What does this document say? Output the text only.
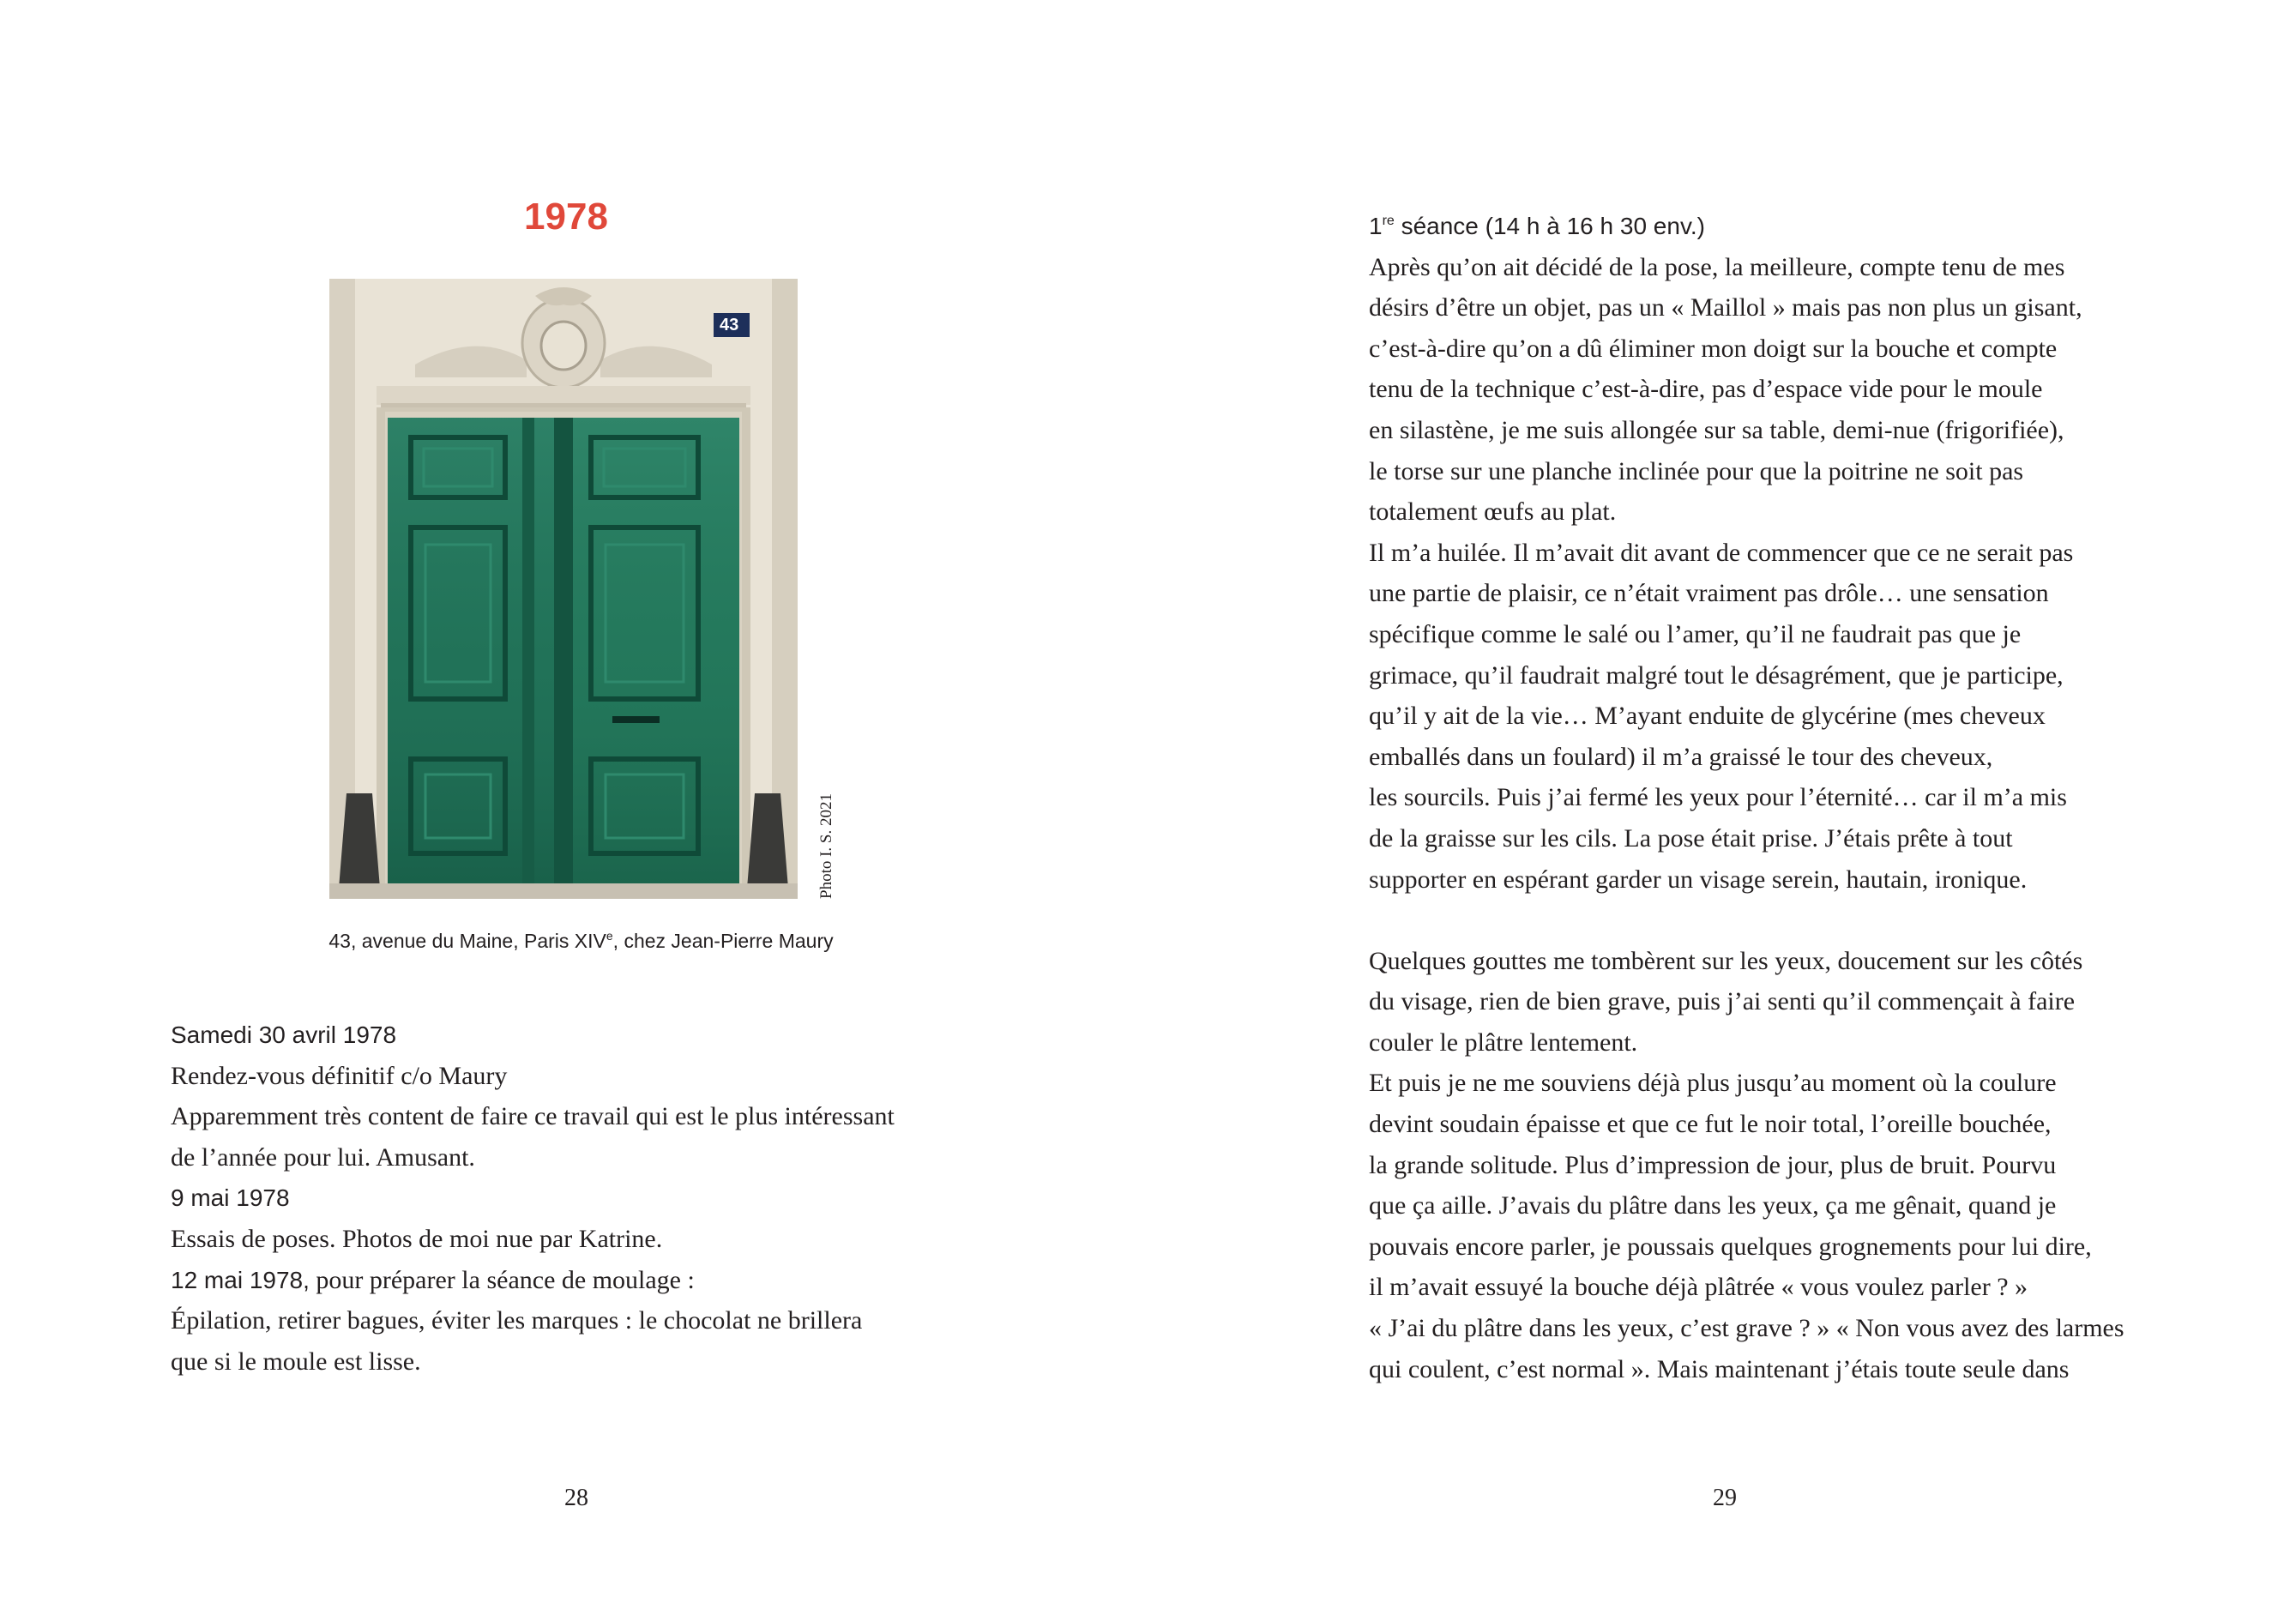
1978
43
Photo I. S. 2021
43, avenue du Maine, Paris XIVe, chez Jean-Pierre Maury

Samedi 30 avril 1978

Rendez-vous définitif c/o Maury

Apparemment très content de faire ce travail qui est le plus intéressant

de l’année pour lui. Amusant.

9 mai 1978

Essais de poses. Photos de moi nue par Katrine.

12 mai 1978, pour préparer la séance de moulage :

Épilation, retirer bagues, éviter les marques : le chocolat ne brillera

que si le moule est lisse.

28

1re séance (14 h à 16 h 30 env.)

Après qu’on ait décidé de la pose, la meilleure, compte tenu de mes

désirs d’être un objet, pas un « Maillol » mais pas non plus un gisant,

c’est-à-dire qu’on a dû éliminer mon doigt sur la bouche et compte

tenu de la technique c’est-à-dire, pas d’espace vide pour le moule

en silastène, je me suis allongée sur sa table, demi-nue (frigorifiée),

le torse sur une planche inclinée pour que la poitrine ne soit pas

totalement œufs au plat.

Il m’a huilée. Il m’avait dit avant de commencer que ce ne serait pas

une partie de plaisir, ce n’était vraiment pas drôle… une sensation

spécifique comme le salé ou l’amer, qu’il ne faudrait pas que je

grimace, qu’il faudrait malgré tout le désagrément, que je participe,

qu’il y ait de la vie… M’ayant enduite de glycérine (mes cheveux

emballés dans un foulard) il m’a graissé le tour des cheveux,

les sourcils. Puis j’ai fermé les yeux pour l’éternité… car il m’a mis

de la graisse sur les cils. La pose était prise. J’étais prête à tout

supporter en espérant garder un visage serein, hautain, ironique.

Quelques gouttes me tombèrent sur les yeux, doucement sur les côtés

du visage, rien de bien grave, puis j’ai senti qu’il commençait à faire

couler le plâtre lentement.

Et puis je ne me souviens déjà plus jusqu’au moment où la coulure

devint soudain épaisse et que ce fut le noir total, l’oreille bouchée,

la grande solitude. Plus d’impression de jour, plus de bruit. Pourvu

que ça aille. J’avais du plâtre dans les yeux, ça me gênait, quand je

pouvais encore parler, je poussais quelques grognements pour lui dire,

il m’avait essuyé la bouche déjà plâtrée « vous voulez parler ? »

« J’ai du plâtre dans les yeux, c’est grave ? » « Non vous avez des larmes

qui coulent, c’est normal ». Mais maintenant j’étais toute seule dans

29
